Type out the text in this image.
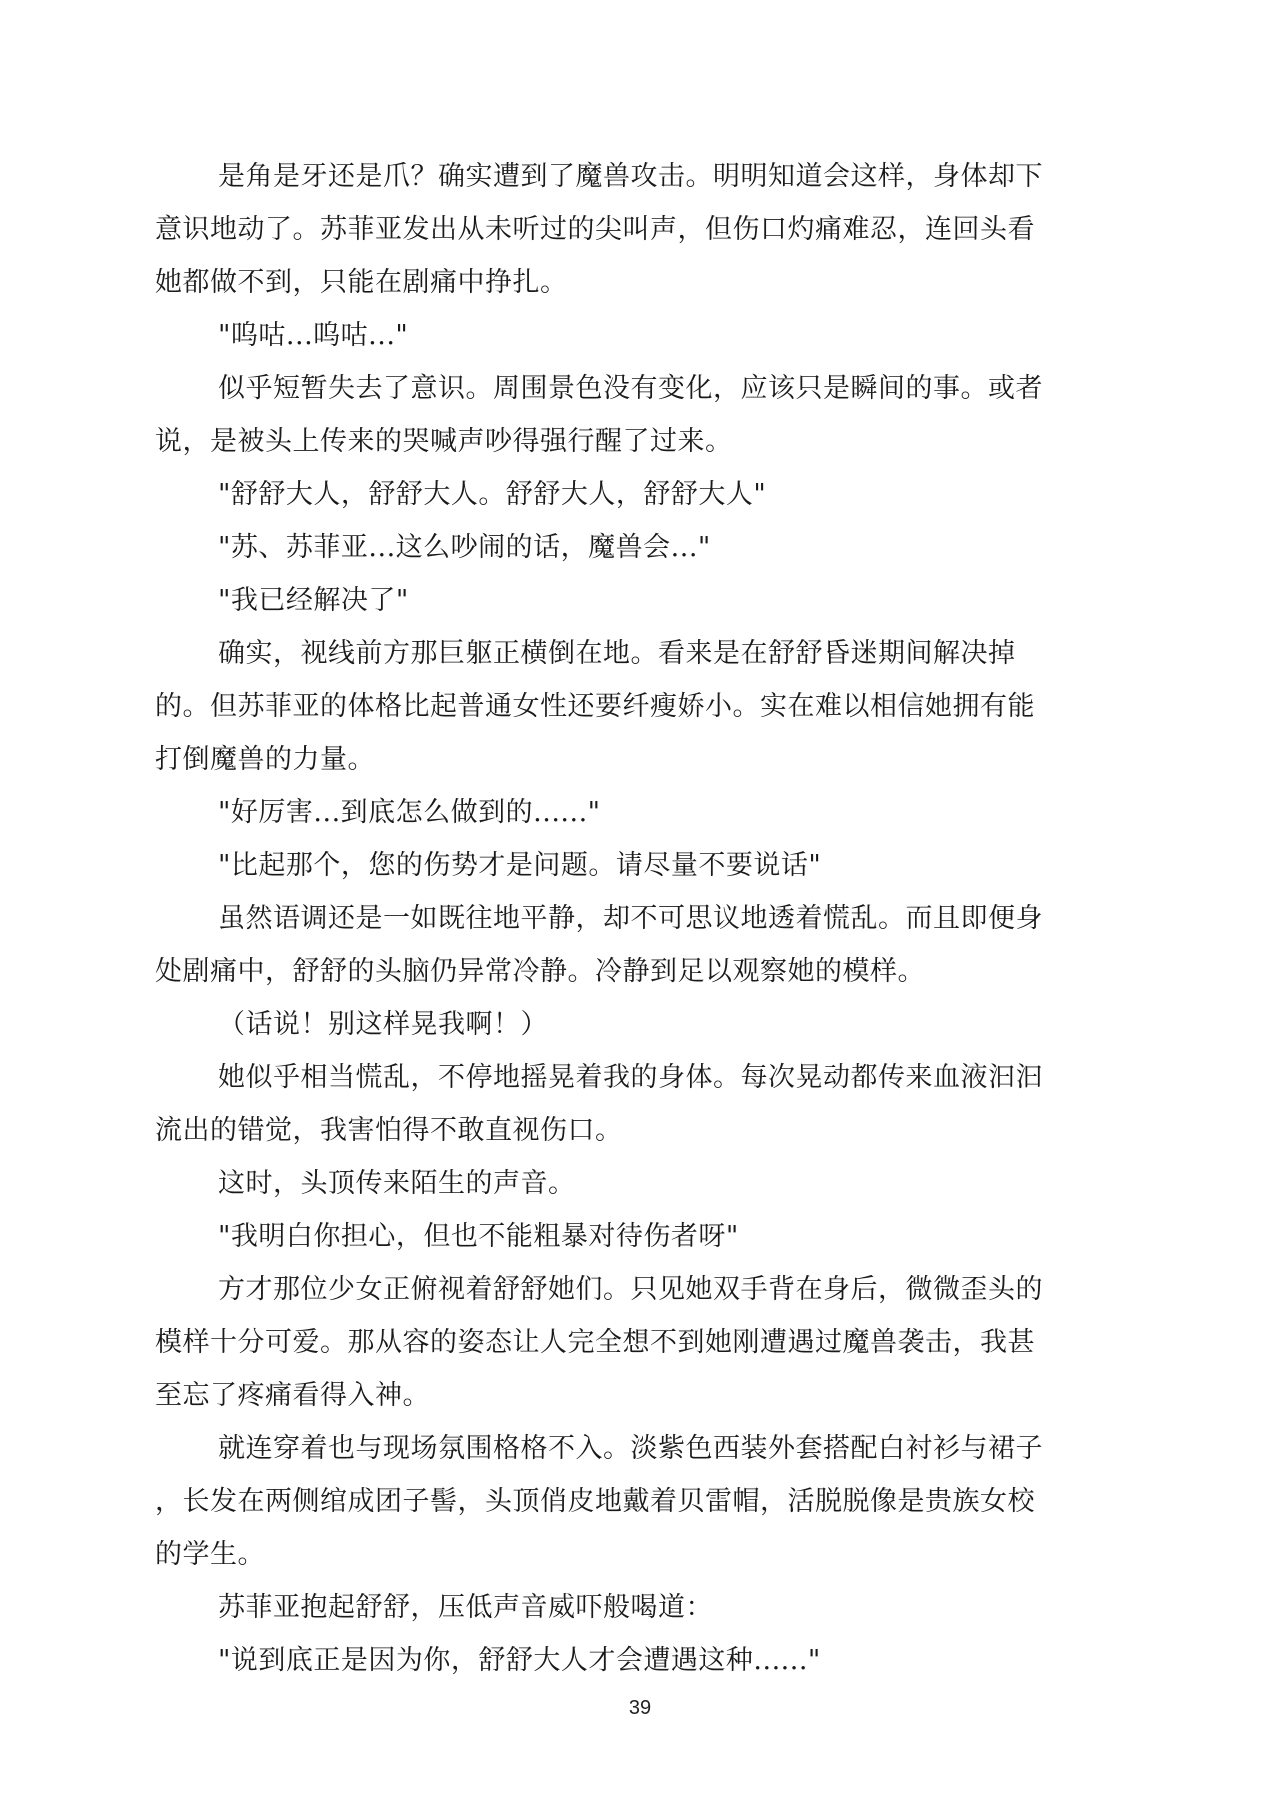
是角是牙还是爪？确实遭到了魔兽攻击。明明知道会这样，身体却下
意识地动了。苏菲亚发出从未听过的尖叫声，但伤口灼痛难忍，连回头看
她都做不到，只能在剧痛中挣扎。
"呜咕...呜咕..."
似乎短暂失去了意识。周围景色没有变化，应该只是瞬间的事。或者
说，是被头上传来的哭喊声吵得强行醒了过来。
"舒舒大人，舒舒大人。舒舒大人，舒舒大人"
"苏、苏菲亚...这么吵闹的话，魔兽会..."
"我已经解决了"
确实，视线前方那巨躯正横倒在地。看来是在舒舒昏迷期间解决掉
的。但苏菲亚的体格比起普通女性还要纤瘦娇小。实在难以相信她拥有能
打倒魔兽的力量。
"好厉害...到底怎么做到的......"
"比起那个，您的伤势才是问题。请尽量不要说话"
虽然语调还是一如既往地平静，却不可思议地透着慌乱。而且即便身
处剧痛中，舒舒的头脑仍异常冷静。冷静到足以观察她的模样。
（话说！别这样晃我啊！）
她似乎相当慌乱，不停地摇晃着我的身体。每次晃动都传来血液汩汩
流出的错觉，我害怕得不敢直视伤口。
这时，头顶传来陌生的声音。
"我明白你担心，但也不能粗暴对待伤者呀"
方才那位少女正俯视着舒舒她们。只见她双手背在身后，微微歪头的
模样十分可爱。那从容的姿态让人完全想不到她刚遭遇过魔兽袭击，我甚
至忘了疼痛看得入神。
就连穿着也与现场氛围格格不入。淡紫色西装外套搭配白衬衫与裙子
，长发在两侧绾成团子髻，头顶俏皮地戴着贝雷帽，活脱脱像是贵族女校
的学生。
苏菲亚抱起舒舒，压低声音威吓般喝道：
"说到底正是因为你，舒舒大人才会遭遇这种......"
39
